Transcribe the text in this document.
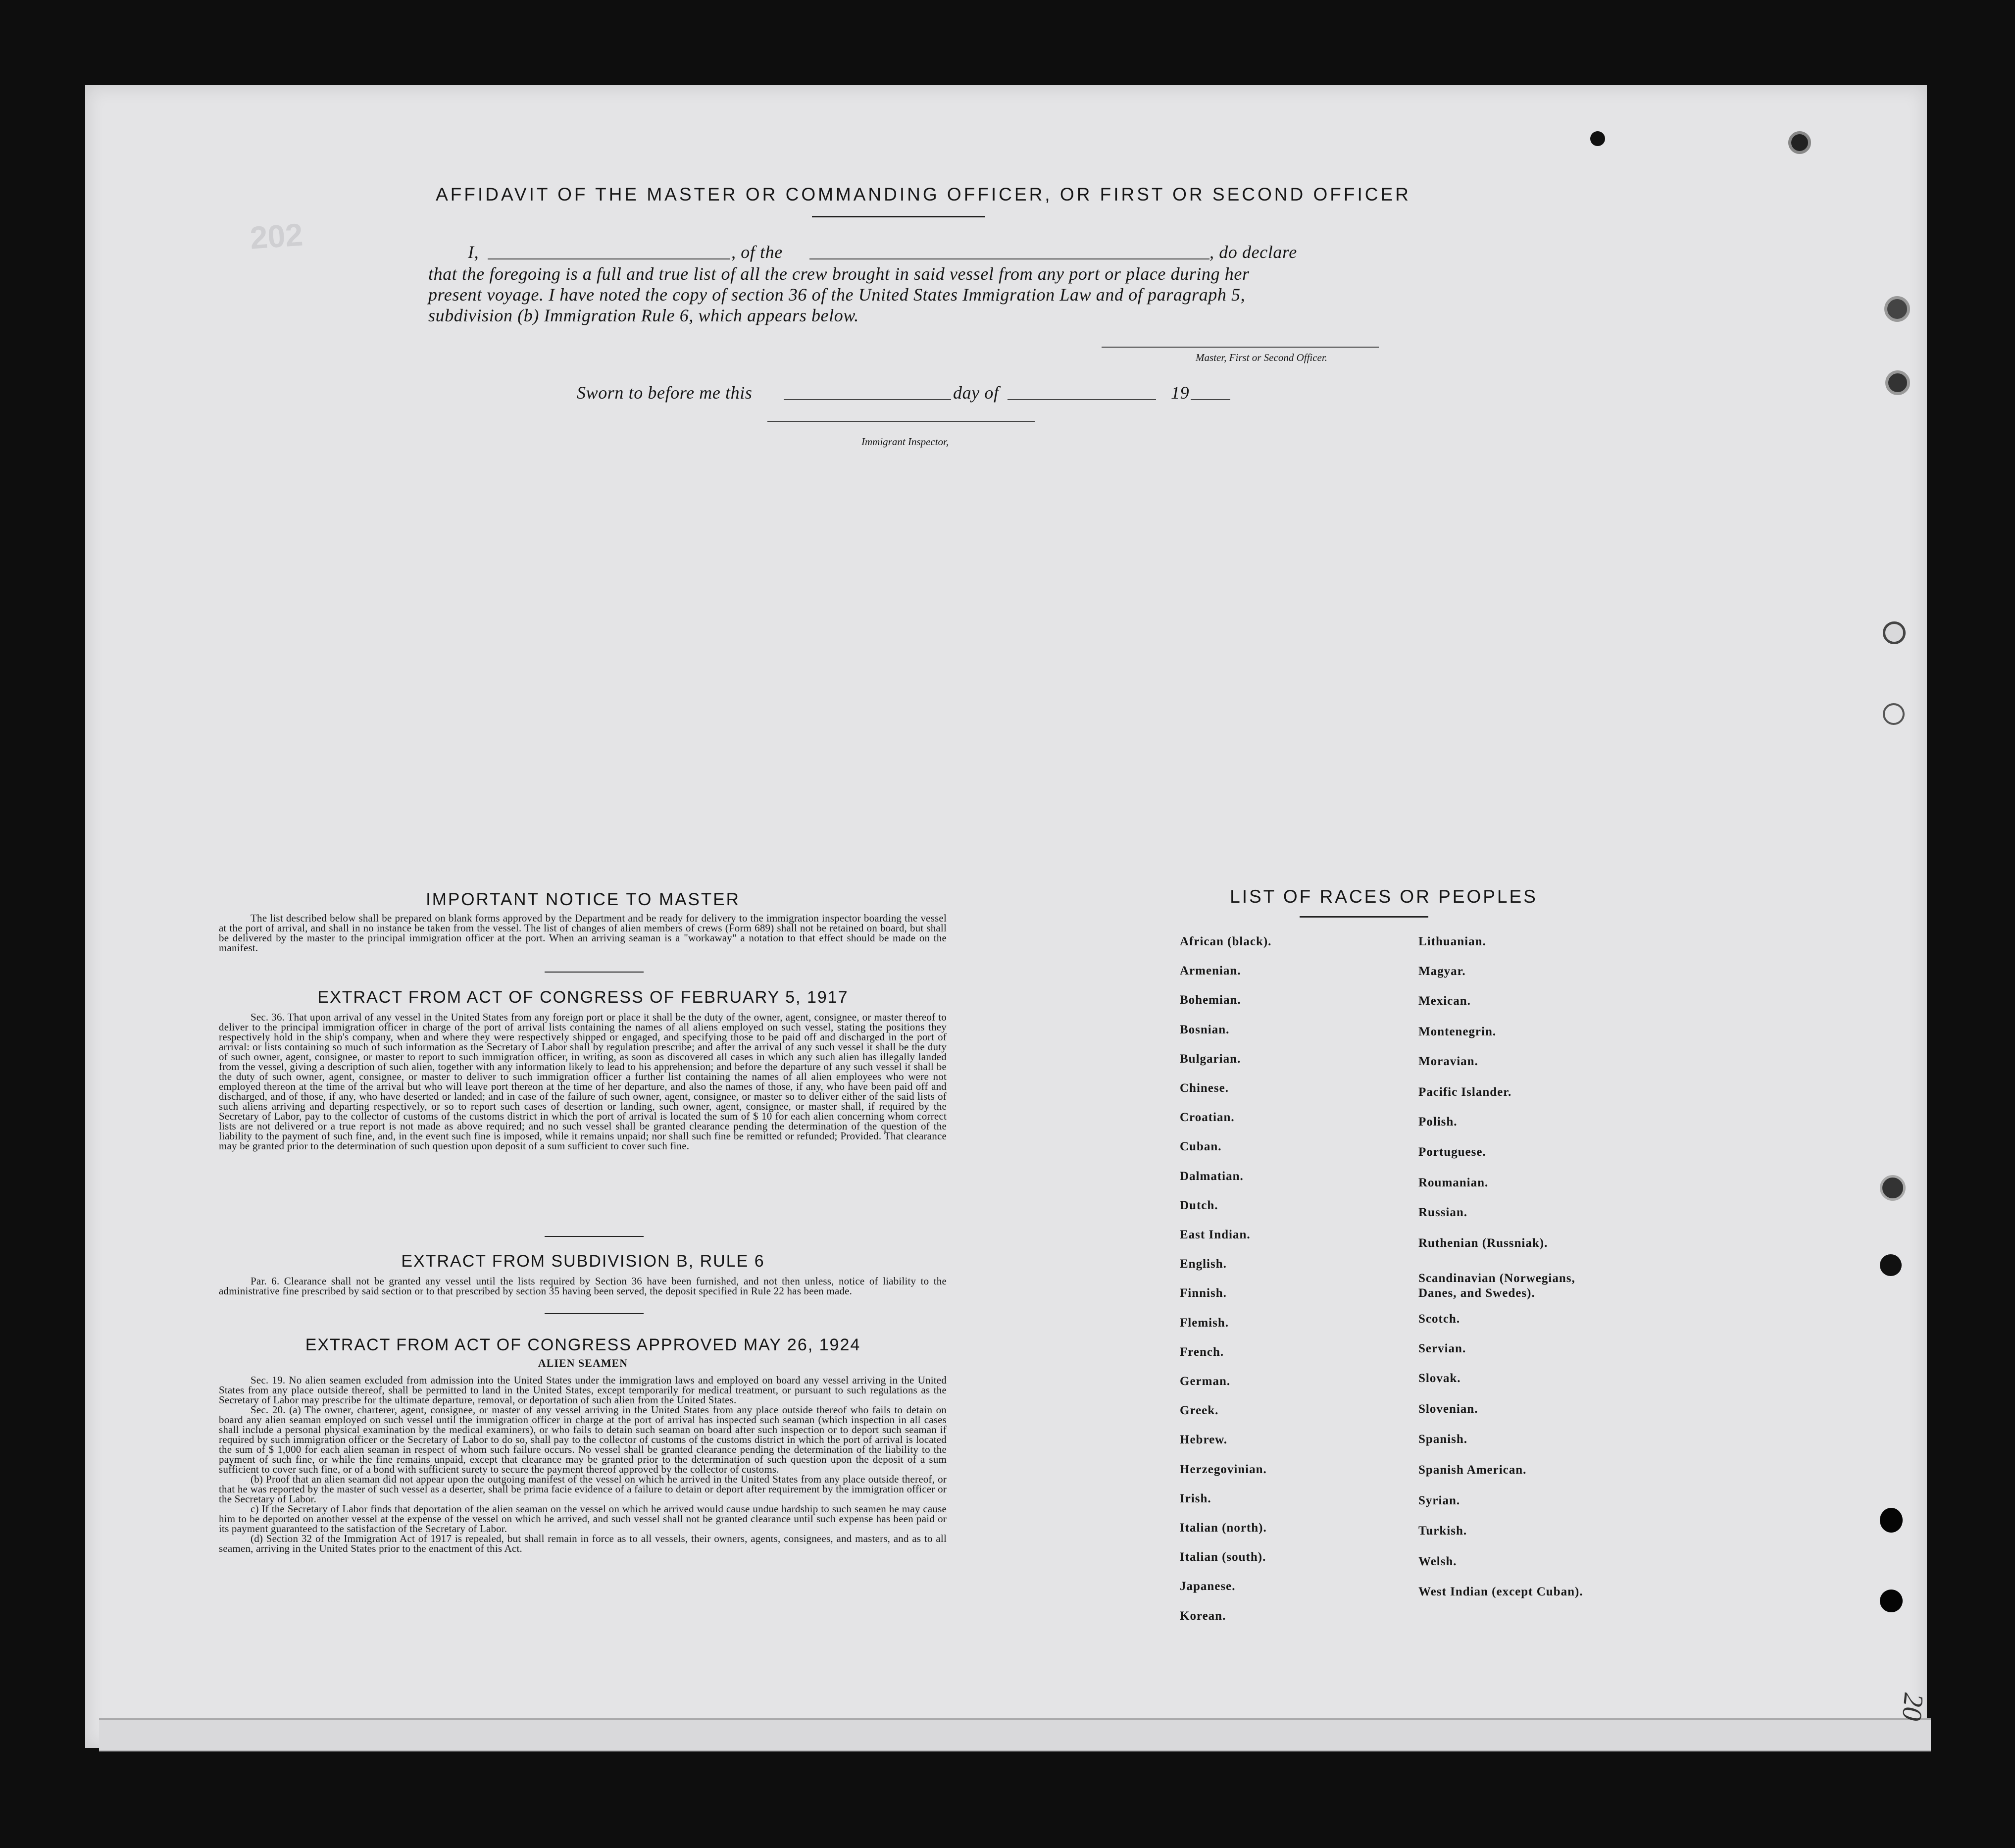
202
AFFIDAVIT OF THE MASTER OR COMMANDING OFFICER, OR FIRST OR SECOND OFFICER
I,	, of the	, do declare
that the foregoing is a full and true list of all the crew brought in said vessel from any port or place during her
present voyage. I have noted the copy of section 36 of the United States Immigration Law and of paragraph 5,
subdivision (b) Immigration Rule 6, which appears below.
Master, First or Second Officer.
Sworn to before me this	day of	19
Immigrant Inspector,
IMPORTANT NOTICE TO MASTER

The list described below shall be prepared on blank forms approved by the Department and be ready for delivery to the immigration inspector boarding the vessel at the port of arrival, and shall in no instance be taken from the vessel. The list of changes of alien members of crews (Form 689) shall not be retained on board, but shall be delivered by the master to the principal immigration officer at the port. When an arriving seaman is a "workaway" a notation to that effect should be made on the manifest.

EXTRACT FROM ACT OF CONGRESS OF FEBRUARY 5, 1917

Sec. 36. That upon arrival of any vessel in the United States from any foreign port or place it shall be the duty of the owner, agent, consignee, or master thereof to deliver to the principal immigration officer in charge of the port of arrival lists containing the names of all aliens employed on such vessel, stating the positions they respectively hold in the ship's company, when and where they were respectively shipped or engaged, and specifying those to be paid off and discharged in the port of arrival: or lists containing so much of such information as the Secretary of Labor shall by regulation prescribe; and after the arrival of any such vessel it shall be the duty of such owner, agent, consignee, or master to report to such immigration officer, in writing, as soon as discovered all cases in which any such alien has illegally landed from the vessel, giving a description of such alien, together with any information likely to lead to his apprehension; and before the departure of any such vessel it shall be the duty of such owner, agent, consignee, or master to deliver to such immigration officer a further list containing the names of all alien employees who were not employed thereon at the time of the arrival but who will leave port thereon at the time of her departure, and also the names of those, if any, who have been paid off and discharged, and of those, if any, who have deserted or landed; and in case of the failure of such owner, agent, consignee, or master so to deliver either of the said lists of such aliens arriving and departing respectively, or so to report such cases of desertion or landing, such owner, agent, consignee, or master shall, if required by the Secretary of Labor, pay to the collector of customs of the customs district in which the port of arrival is located the sum of $ 10 for each alien concerning whom correct lists are not delivered or a true report is not made as above required; and no such vessel shall be granted clearance pending the determination of the question of the liability to the payment of such fine, and, in the event such fine is imposed, while it remains unpaid; nor shall such fine be remitted or refunded; Provided. That clearance may be granted prior to the determination of such question upon deposit of a sum sufficient to cover such fine.

EXTRACT FROM SUBDIVISION B, RULE 6

Par. 6. Clearance shall not be granted any vessel until the lists required by Section 36 have been furnished, and not then unless, notice of liability to the administrative fine prescribed by said section or to that prescribed by section 35 having been served, the deposit specified in Rule 22 has been made.

EXTRACT FROM ACT OF CONGRESS APPROVED MAY 26, 1924
ALIEN SEAMEN

Sec. 19. No alien seamen excluded from admission into the United States under the immigration laws and employed on board any vessel arriving in the United States from any place outside thereof, shall be permitted to land in the United States, except temporarily for medical treatment, or pursuant to such regulations as the Secretary of Labor may prescribe for the ultimate departure, removal, or deportation of such alien from the United States.

Sec. 20. (a) The owner, charterer, agent, consignee, or master of any vessel arriving in the United States from any place outside thereof who fails to detain on board any alien seaman employed on such vessel until the immigration officer in charge at the port of arrival has inspected such seaman (which inspection in all cases shall include a personal physical examination by the medical examiners), or who fails to detain such seaman on board after such inspection or to deport such seaman if required by such immigration officer or the Secretary of Labor to do so, shall pay to the collector of customs of the customs district in which the port of arrival is located the sum of $ 1,000 for each alien seaman in respect of whom such failure occurs. No vessel shall be granted clearance pending the determination of the liability to the payment of such fine, or while the fine remains unpaid, except that clearance may be granted prior to the determination of such question upon the deposit of a sum sufficient to cover such fine, or of a bond with sufficient surety to secure the payment thereof approved by the collector of customs.

(b) Proof that an alien seaman did not appear upon the outgoing manifest of the vessel on which he arrived in the United States from any place outside thereof, or that he was reported by the master of such vessel as a deserter, shall be prima facie evidence of a failure to detain or deport after requirement by the immigration officer or the Secretary of Labor.

c) If the Secretary of Labor finds that deportation of the alien seaman on the vessel on which he arrived would cause undue hardship to such seamen he may cause him to be deported on another vessel at the expense of the vessel on which he arrived, and such vessel shall not be granted clearance until such expense has been paid or its payment guaranteed to the satisfaction of the Secretary of Labor.

(d) Section 32 of the Immigration Act of 1917 is repealed, but shall remain in force as to all vessels, their owners, agents, consignees, and masters, and as to all seamen, arriving in the United States prior to the enactment of this Act.

LIST OF RACES OR PEOPLES
African (black).
Armenian.
Bohemian.
Bosnian.
Bulgarian.
Chinese.
Croatian.
Cuban.
Dalmatian.
Dutch.
East Indian.
English.
Finnish.
Flemish.
French.
German.
Greek.
Hebrew.
Herzegovinian.
Irish.
Italian (north).
Italian (south).
Japanese.
Korean.
Lithuanian.
Magyar.
Mexican.
Montenegrin.
Moravian.
Pacific Islander.
Polish.
Portuguese.
Roumanian.
Russian.
Ruthenian (Russniak).
Scandinavian (Norwegians, Danes, and Swedes).
Scotch.
Servian.
Slovak.
Slovenian.
Spanish.
Spanish American.
Syrian.
Turkish.
Welsh.
West Indian (except Cuban).
20
